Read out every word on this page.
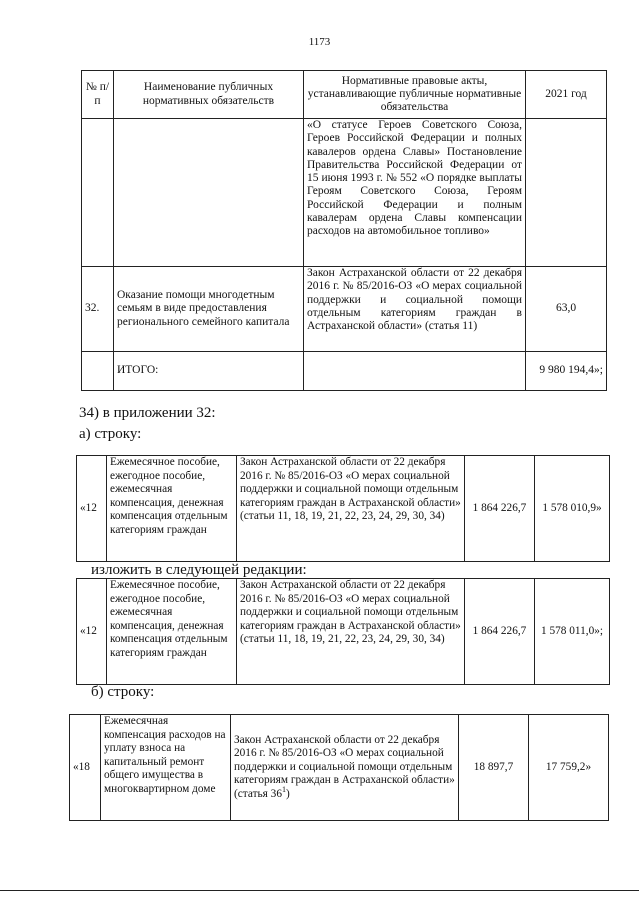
1173
№ п/п	Наименование публичных нормативных обязательств	Нормативные правовые акты, устанавливающие публичные нормативные обязательства	2021 год
		«О статусе Героев Советского Союза, Героев Российской Федерации и полных кавалеров ордена Славы» Постановление Правительства Российской Федерации от 15 июня 1993 г. № 552 «О порядке выплаты Героям Советского Союза, Героям Российской Федерации и полным кавалерам ордена Славы компенсации расходов на автомобильное топливо»	
32.	Оказание помощи многодетным семьям в виде предоставления регионального семейного капитала	Закон Астраханской области от 22 декабря 2016 г. № 85/2016-ОЗ «О мерах социальной поддержки и социальной помощи отдельным категориям граждан в Астраханской области» (статья 11)	63,0
	ИТОГО:		9 980 194,4»;
34) в приложении 32:
а) строку:
«12	Ежемесячное пособие, ежегодное пособие, ежемесячная компенсация, денежная компенсация отдельным категориям граждан	Закон Астраханской области от 22 декабря 2016 г. № 85/2016-ОЗ «О мерах социальной поддержки и социальной помощи отдельным категориям граждан в Астраханской области» (статьи 11, 18, 19, 21, 22, 23, 24, 29, 30, 34)	1 864 226,7	1 578 010,9»
изложить в следующей редакции:
«12	Ежемесячное пособие, ежегодное пособие, ежемесячная компенсация, денежная компенсация отдельным категориям граждан	Закон Астраханской области от 22 декабря 2016 г. № 85/2016-ОЗ «О мерах социальной поддержки и социальной помощи отдельным категориям граждан в Астраханской области» (статьи 11, 18, 19, 21, 22, 23, 24, 29, 30, 34)	1 864 226,7	1 578 011,0»;
б) строку:
«18	Ежемесячная компенсация расходов на уплату взноса на капитальный ремонт общего имущества в многоквартирном доме	Закон Астраханской области от 22 декабря 2016 г. № 85/2016-ОЗ «О мерах социальной поддержки и социальной помощи отдельным категориям граждан в Астраханской области» (статья $36^1$)	18 897,7	17 759,2»
